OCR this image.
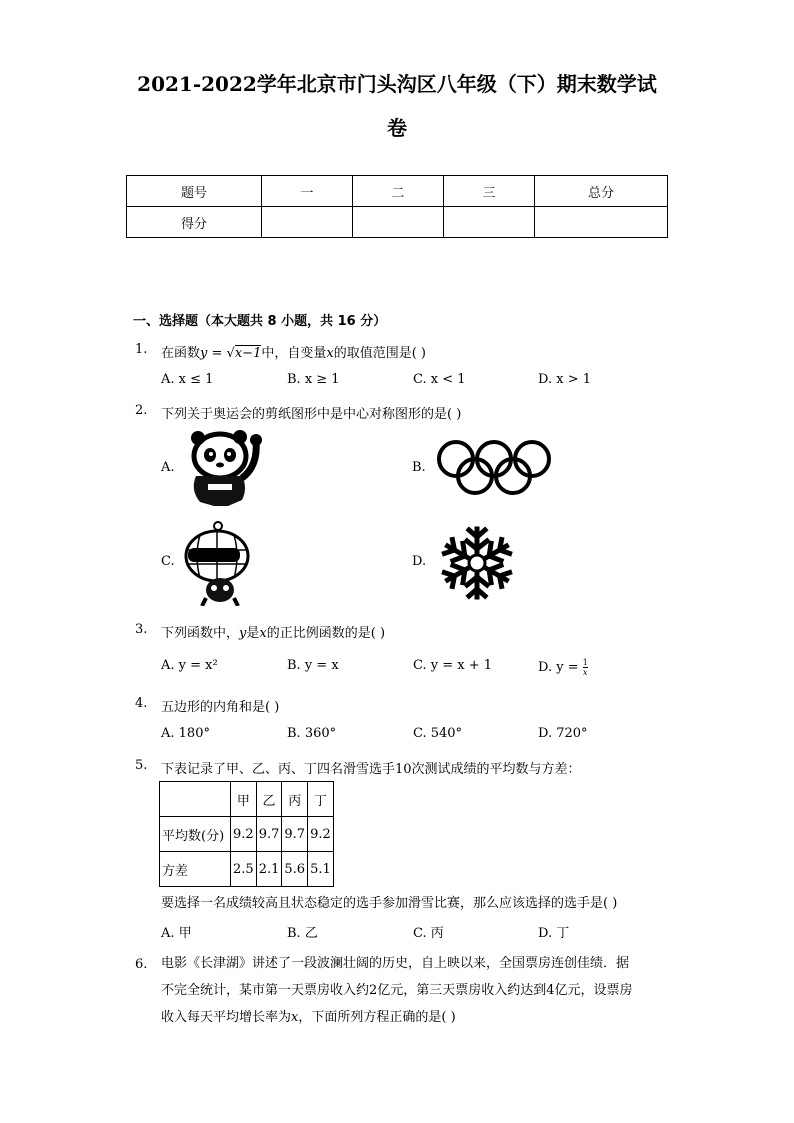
2021-2022学年北京市门头沟区八年级（下）期末数学试
卷
题号	一	二	三	总分
得分				
一、选择题（本大题共 8 小题，共 16 分）
1. 在函数y = √x−1中，自变量x的取值范围是( )
A. x ≤ 1	B. x ≥ 1	C. x < 1	D. x > 1
2. 下列关于奥运会的剪纸图形中是中心对称图形的是( )
A.	B.
C.	D.
3. 下列函数中，y是x的正比例函数的是( )
A. y = x²	B. y = x	C. y = x + 1	D. $y = \frac{1}{x}$
4. 五边形的内角和是( )
A. 180°	B. 360°	C. 540°	D. 720°
5. 下表记录了甲、乙、丙、丁四名滑雪选手10次测试成绩的平均数与方差：
	甲	乙	丙	丁
平均数(分)	9.2	9.7	9.7	9.2
方差	2.5	2.1	5.6	5.1
要选择一名成绩较高且状态稳定的选手参加滑雪比赛，那么应该选择的选手是( )
A. 甲	B. 乙	C. 丙	D. 丁
6. 电影《长津湖》讲述了一段波澜壮阔的历史，自上映以来，全国票房连创佳绩．据
不完全统计，某市第一天票房收入约2亿元，第三天票房收入约达到4亿元，设票房
收入每天平均增长率为x，下面所列方程正确的是( )
